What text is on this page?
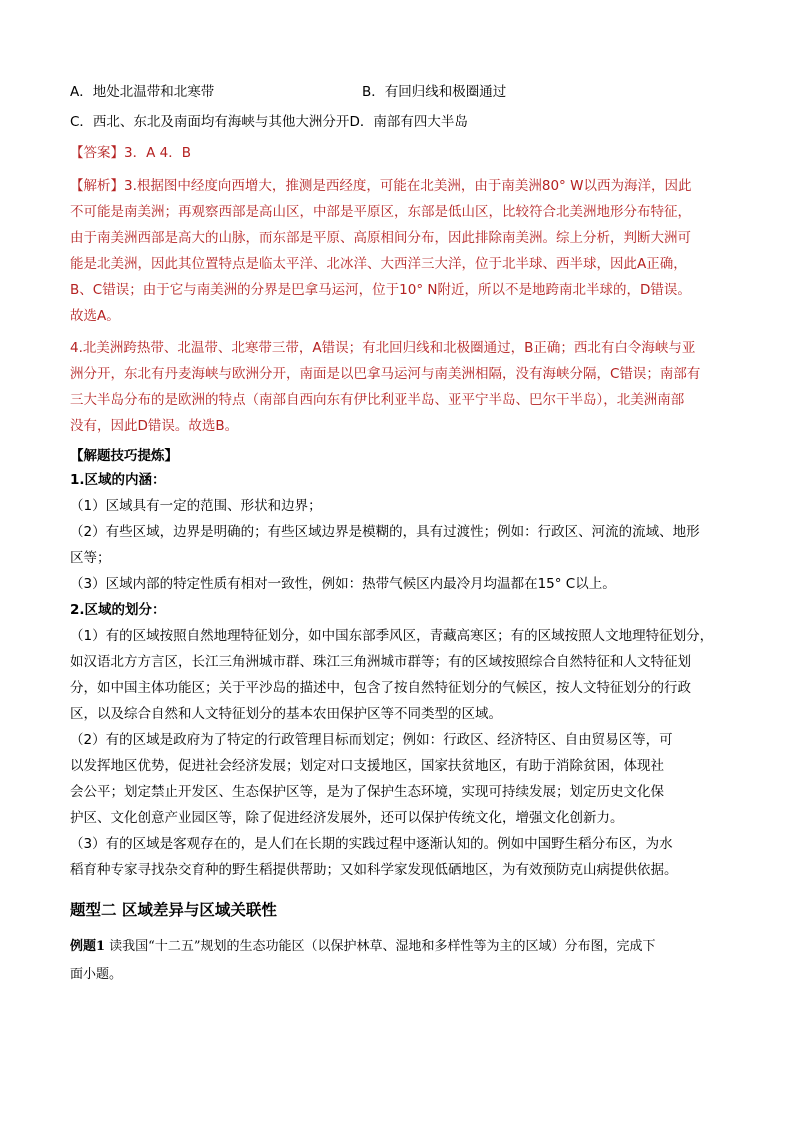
A．地处北温带和北寒带	B．有回归线和极圈通过
C．西北、东北及南面均有海峡与其他大洲分开 D．南部有四大半岛

【答案】3．A 4．B

【解析】3.根据图中经度向西增大，推测是西经度，可能在北美洲，由于南美洲80° W以西为海洋，因此
不可能是南美洲；再观察西部是高山区，中部是平原区，东部是低山区，比较符合北美洲地形分布特征，
由于南美洲西部是高大的山脉，而东部是平原、高原相间分布，因此排除南美洲。综上分析，判断大洲可
能是北美洲，因此其位置特点是临太平洋、北冰洋、大西洋三大洋，位于北半球、西半球，因此A正确，
B、C错误；由于它与南美洲的分界是巴拿马运河，位于10° N附近，所以不是地跨南北半球的，D错误。
故选A。
4.北美洲跨热带、北温带、北寒带三带，A错误；有北回归线和北极圈通过，B正确；西北有白令海峡与亚
洲分开，东北有丹麦海峡与欧洲分开，南面是以巴拿马运河与南美洲相隔，没有海峡分隔，C错误；南部有
三大半岛分布的是欧洲的特点（南部自西向东有伊比利亚半岛、亚平宁半岛、巴尔干半岛），北美洲南部
没有，因此D错误。故选B。
【解题技巧提炼】
1.区域的内涵：
（1）区域具有一定的范围、形状和边界；
（2）有些区域，边界是明确的；有些区域边界是模糊的，具有过渡性；例如：行政区、河流的流域、地形
区等；
（3）区域内部的特定性质有相对一致性，例如：热带气候区内最冷月均温都在15° C以上。
2.区域的划分：
（1）有的区域按照自然地理特征划分，如中国东部季风区，青藏高寒区；有的区域按照人文地理特征划分，
如汉语北方方言区，长江三角洲城市群、珠江三角洲城市群等；有的区域按照综合自然特征和人文特征划
分，如中国主体功能区；关于平沙岛的描述中，包含了按自然特征划分的气候区，按人文特征划分的行政
区，以及综合自然和人文特征划分的基本农田保护区等不同类型的区域。
（2）有的区域是政府为了特定的行政管理目标而划定；例如：行政区、经济特区、自由贸易区等，可
以发挥地区优势，促进社会经济发展；划定对口支援地区，国家扶贫地区，有助于消除贫困，体现社
会公平；划定禁止开发区、生态保护区等，是为了保护生态环境，实现可持续发展；划定历史文化保
护区、文化创意产业园区等，除了促进经济发展外，还可以保护传统文化，增强文化创新力。
（3）有的区域是客观存在的，是人们在长期的实践过程中逐渐认知的。例如中国野生稻分布区，为水
稻育种专家寻找杂交育种的野生稻提供帮助；又如科学家发现低硒地区，为有效预防克山病提供依据。
题型二 区域差异与区域关联性
例题1 读我国“十二五”规划的生态功能区（以保护林草、湿地和多样性等为主的区域）分布图，完成下
面小题。
